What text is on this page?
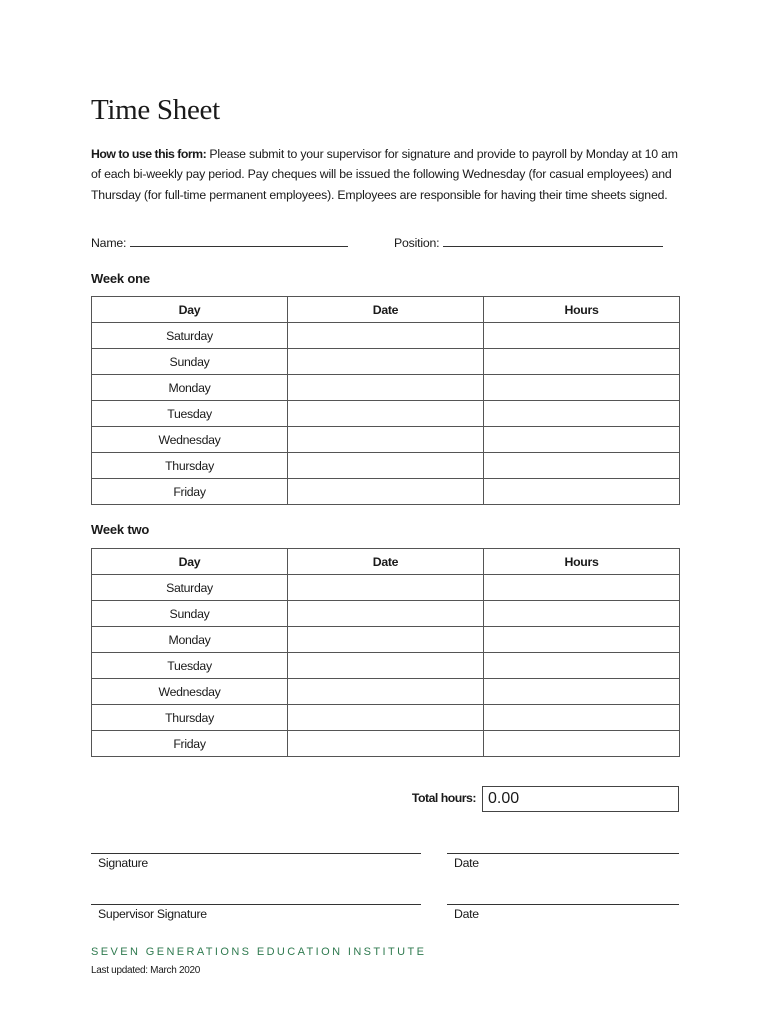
Time Sheet

How to use this form: Please submit to your supervisor for signature and provide to payroll by Monday at 10 am of each bi-weekly pay period. Pay cheques will be issued the following Wednesday (for casual employees) and Thursday (for full-time permanent employees). Employees are responsible for having their time sheets signed.

Name:	Position:
Week one
Day	Date	Hours
Saturday		
Sunday		
Monday		
Tuesday		
Wednesday		
Thursday		
Friday		
Week two
Day	Date	Hours
Saturday		
Sunday		
Monday		
Tuesday		
Wednesday		
Thursday		
Friday		
Total hours: 0.00
Signature	Date
Supervisor Signature	Date
SEVEN GENERATIONS EDUCATION INSTITUTE
Last updated: March 2020
